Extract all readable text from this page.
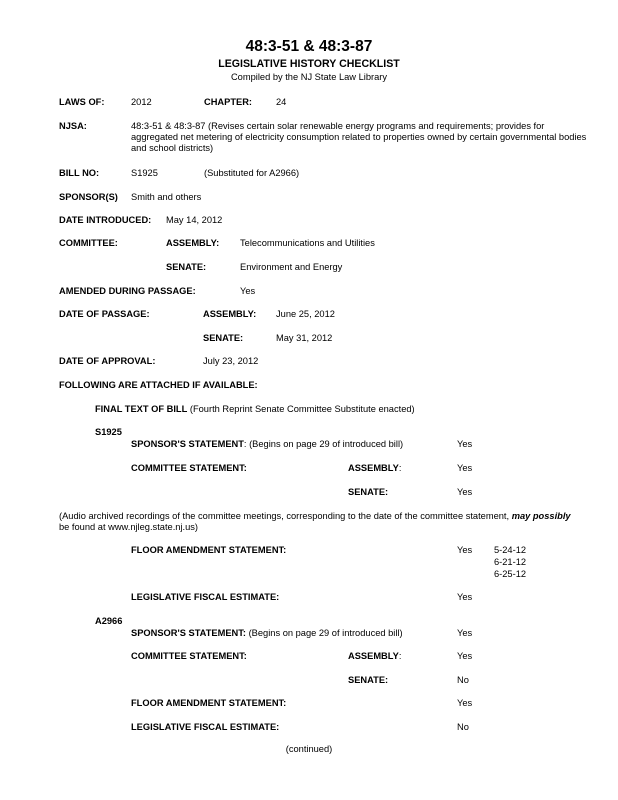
48:3-51 & 48:3-87
LEGISLATIVE HISTORY CHECKLIST
Compiled by the NJ State Law Library
LAWS OF:	2012	CHAPTER:	24
NJSA:	48:3-51 & 48:3-87 (Revises certain solar renewable energy programs and requirements; provides for aggregated net metering of electricity consumption related to properties owned by certain governmental bodies and school districts)
BILL NO:	S1925	(Substituted for A2966)
SPONSOR(S) Smith and others
DATE INTRODUCED: May 14, 2012
COMMITTEE:	ASSEMBLY: Telecommunications and Utilities
SENATE:	Environment and Energy
AMENDED DURING PASSAGE:	Yes
DATE OF PASSAGE:	ASSEMBLY: June 25, 2012
SENATE:	May 31, 2012
DATE OF APPROVAL:	July 23, 2012
FOLLOWING ARE ATTACHED IF AVAILABLE:
FINAL TEXT OF BILL (Fourth Reprint Senate Committee Substitute enacted)
S1925
SPONSOR'S STATEMENT: (Begins on page 29 of introduced bill)	Yes
COMMITTEE STATEMENT:	ASSEMBLY:	Yes
SENATE:	Yes
(Audio archived recordings of the committee meetings, corresponding to the date of the committee statement, may possibly
be found at www.njleg.state.nj.us)
FLOOR AMENDMENT STATEMENT:	Yes 5-24-12
6-21-12
6-25-12
LEGISLATIVE FISCAL ESTIMATE:	Yes
A2966
SPONSOR'S STATEMENT: (Begins on page 29 of introduced bill)	Yes
COMMITTEE STATEMENT:	ASSEMBLY:	Yes
SENATE:	No
FLOOR AMENDMENT STATEMENT:	Yes
LEGISLATIVE FISCAL ESTIMATE:	No
(continued)
